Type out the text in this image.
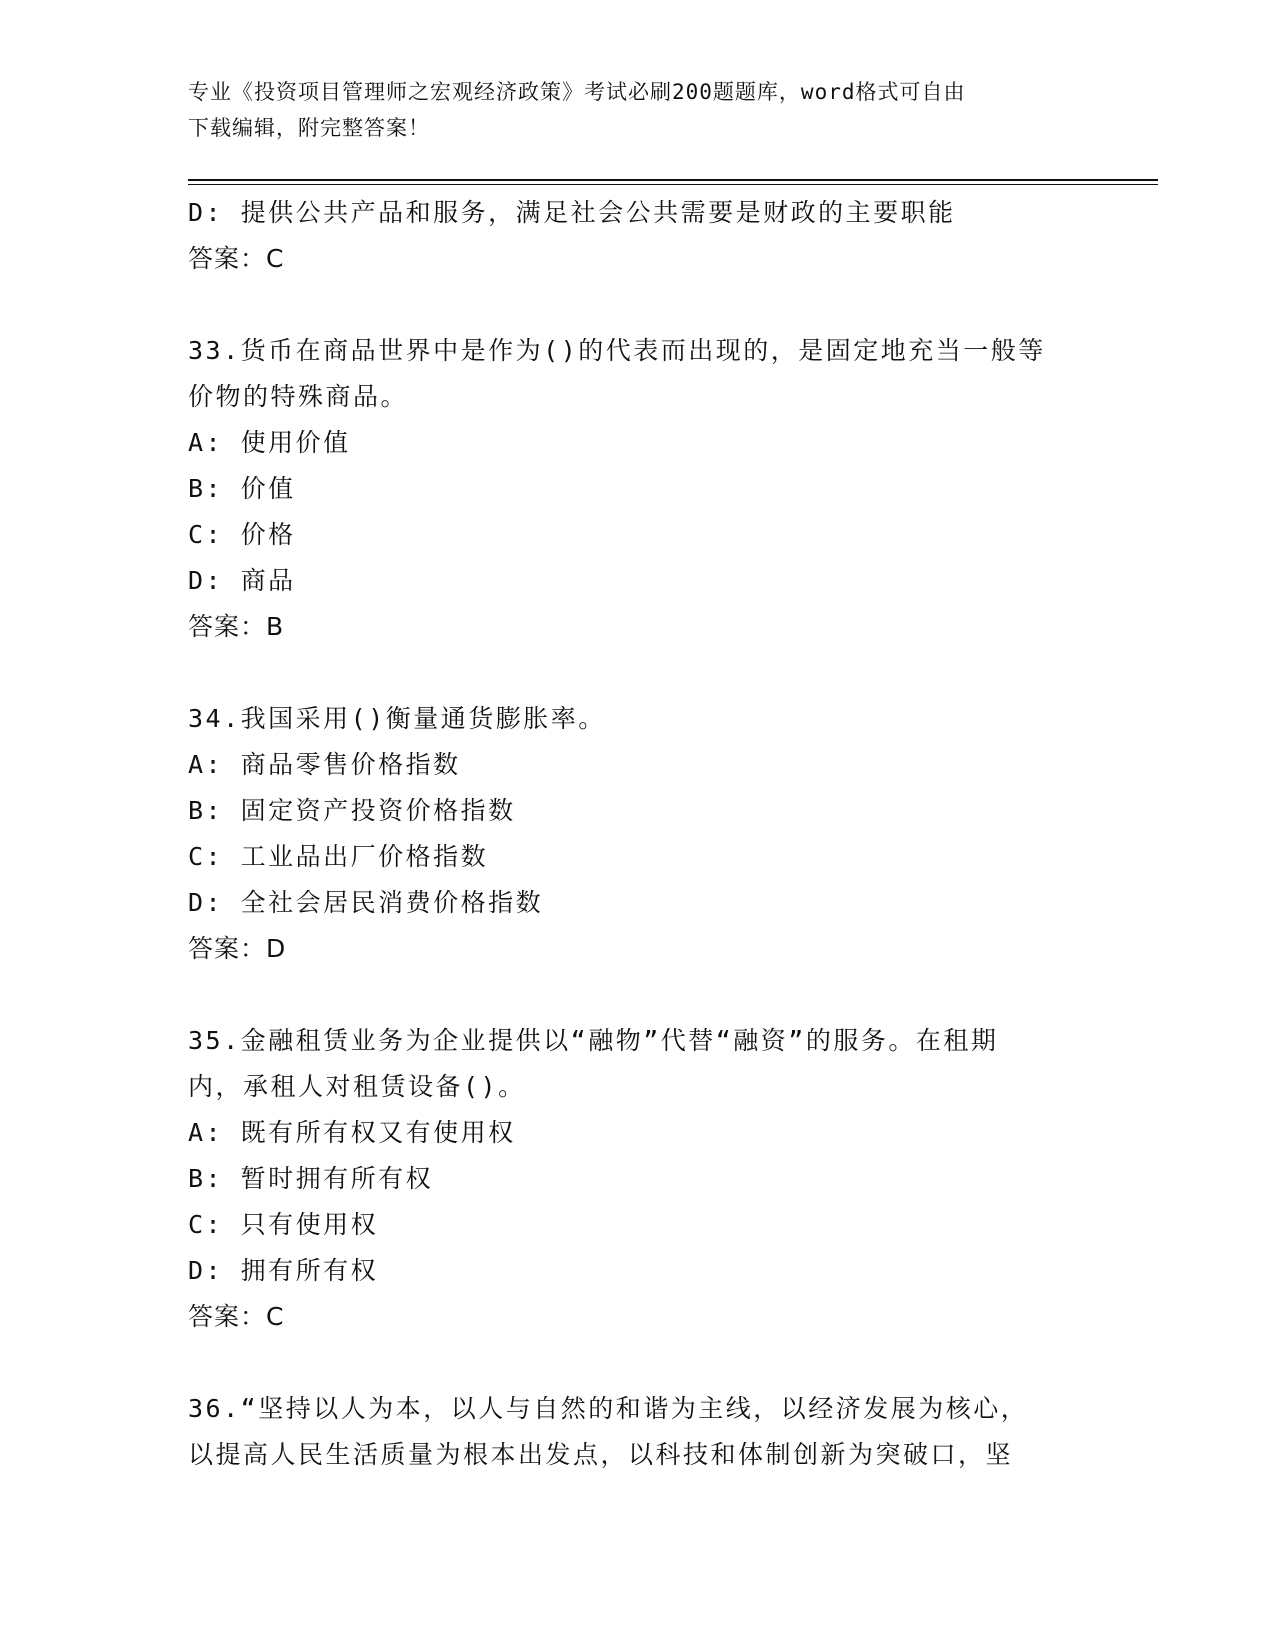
专业《投资项目管理师之宏观经济政策》考试必刷200题题库，word格式可自由
下载编辑，附完整答案！
D: 提供公共产品和服务，满足社会公共需要是财政的主要职能
答案：C
33.货币在商品世界中是作为()的代表而出现的，是固定地充当一般等
价物的特殊商品。
A: 使用价值
B: 价值
C: 价格
D: 商品
答案：B
34.我国采用()衡量通货膨胀率。
A: 商品零售价格指数
B: 固定资产投资价格指数
C: 工业品出厂价格指数
D: 全社会居民消费价格指数
答案：D
35.金融租赁业务为企业提供以“融物”代替“融资”的服务。在租期
内，承租人对租赁设备()。
A: 既有所有权又有使用权
B: 暂时拥有所有权
C: 只有使用权
D: 拥有所有权
答案：C
36.“坚持以人为本，以人与自然的和谐为主线，以经济发展为核心，
以提高人民生活质量为根本出发点，以科技和体制创新为突破口，坚
